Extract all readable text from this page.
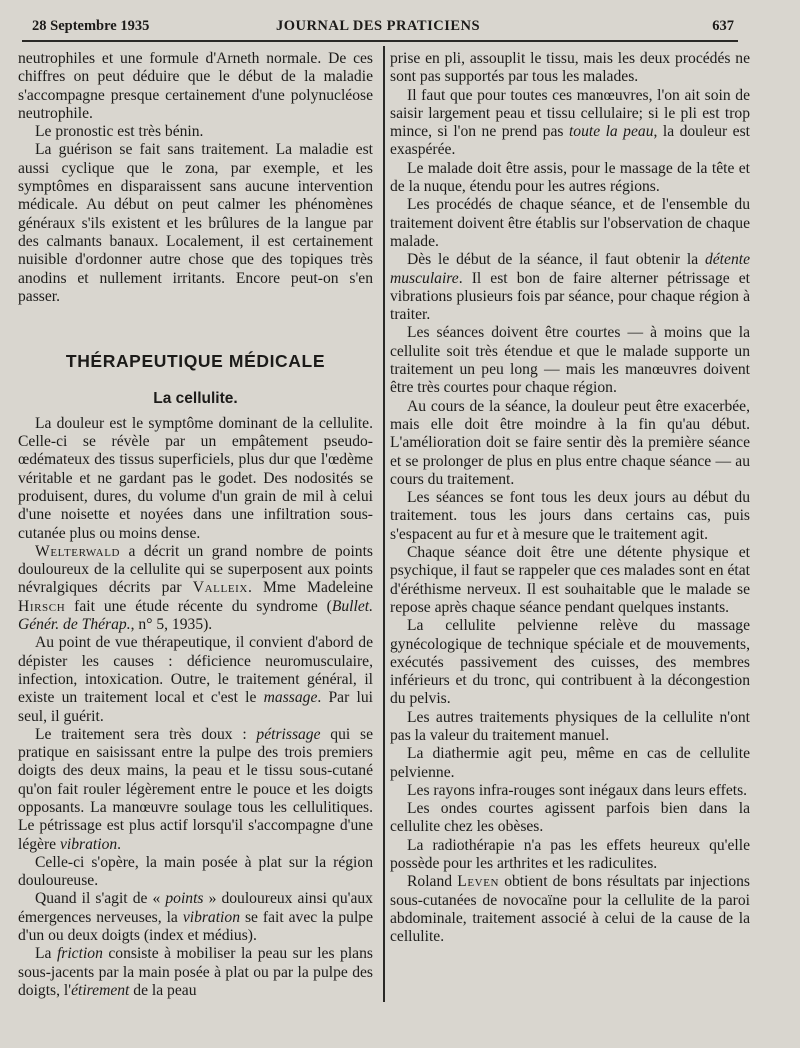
28 Septembre 1935	JOURNAL DES PRATICIENS	637

neutrophiles et une formule d'Arneth normale. De ces chiffres on peut déduire que le début de la maladie s'accompagne presque certainement d'une polynucléose neutrophile.

Le pronostic est très bénin.

La guérison se fait sans traitement. La maladie est aussi cyclique que le zona, par exemple, et les symptômes en disparaissent sans aucune intervention médicale. Au début on peut calmer les phénomènes généraux s'ils existent et les brûlures de la langue par des calmants banaux. Localement, il est certainement nuisible d'ordonner autre chose que des topiques très anodins et nullement irritants. Encore peut-on s'en passer.

THÉRAPEUTIQUE MÉDICALE
La cellulite.

La douleur est le symptôme dominant de la cellulite. Celle-ci se révèle par un empâtement pseudo-œdémateux des tissus superficiels, plus dur que l'œdème véritable et ne gardant pas le godet. Des nodosités se produisent, dures, du volume d'un grain de mil à celui d'une noisette et noyées dans une infiltration sous-cutanée plus ou moins dense.

Welterwald a décrit un grand nombre de points douloureux de la cellulite qui se superposent aux points névralgiques décrits par Valleix. Mme Madeleine Hirsch fait une étude récente du syndrome (Bullet. Génér. de Thérap., n° 5, 1935).

Au point de vue thérapeutique, il convient d'abord de dépister les causes : déficience neuromusculaire, infection, intoxication. Outre, le traitement général, il existe un traitement local et c'est le massage. Par lui seul, il guérit.

Le traitement sera très doux : pétrissage qui se pratique en saisissant entre la pulpe des trois premiers doigts des deux mains, la peau et le tissu sous-cutané qu'on fait rouler légèrement entre le pouce et les doigts opposants. La manœuvre soulage tous les cellulitiques. Le pétrissage est plus actif lorsqu'il s'accompagne d'une légère vibration.

Celle-ci s'opère, la main posée à plat sur la région douloureuse.

Quand il s'agit de « points » douloureux ainsi qu'aux émergences nerveuses, la vibration se fait avec la pulpe d'un ou deux doigts (index et médius).

La friction consiste à mobiliser la peau sur les plans sous-jacents par la main posée à plat ou par la pulpe des doigts, l'étirement de la peau

prise en pli, assouplit le tissu, mais les deux procédés ne sont pas supportés par tous les malades.

Il faut que pour toutes ces manœuvres, l'on ait soin de saisir largement peau et tissu cellulaire; si le pli est trop mince, si l'on ne prend pas toute la peau, la douleur est exaspérée.

Le malade doit être assis, pour le massage de la tête et de la nuque, étendu pour les autres régions.

Les procédés de chaque séance, et de l'ensemble du traitement doivent être établis sur l'observation de chaque malade.

Dès le début de la séance, il faut obtenir la détente musculaire. Il est bon de faire alterner pétrissage et vibrations plusieurs fois par séance, pour chaque région à traiter.

Les séances doivent être courtes — à moins que la cellulite soit très étendue et que le malade supporte un traitement un peu long — mais les manœuvres doivent être très courtes pour chaque région.

Au cours de la séance, la douleur peut être exacerbée, mais elle doit être moindre à la fin qu'au début. L'amélioration doit se faire sentir dès la première séance et se prolonger de plus en plus entre chaque séance — au cours du traitement.

Les séances se font tous les deux jours au début du traitement. tous les jours dans certains cas, puis s'espacent au fur et à mesure que le traitement agit.

Chaque séance doit être une détente physique et psychique, il faut se rappeler que ces malades sont en état d'éréthisme nerveux. Il est souhaitable que le malade se repose après chaque séance pendant quelques instants.

La cellulite pelvienne relève du massage gynécologique de technique spéciale et de mouvements, exécutés passivement des cuisses, des membres inférieurs et du tronc, qui contribuent à la décongestion du pelvis.

Les autres traitements physiques de la cellulite n'ont pas la valeur du traitement manuel.

La diathermie agit peu, même en cas de cellulite pelvienne.

Les rayons infra-rouges sont inégaux dans leurs effets.

Les ondes courtes agissent parfois bien dans la cellulite chez les obèses.

La radiothérapie n'a pas les effets heureux qu'elle possède pour les arthrites et les radiculites.

Roland Leven obtient de bons résultats par injections sous-cutanées de novocaïne pour la cellulite de la paroi abdominale, traitement associé à celui de la cause de la cellulite.
